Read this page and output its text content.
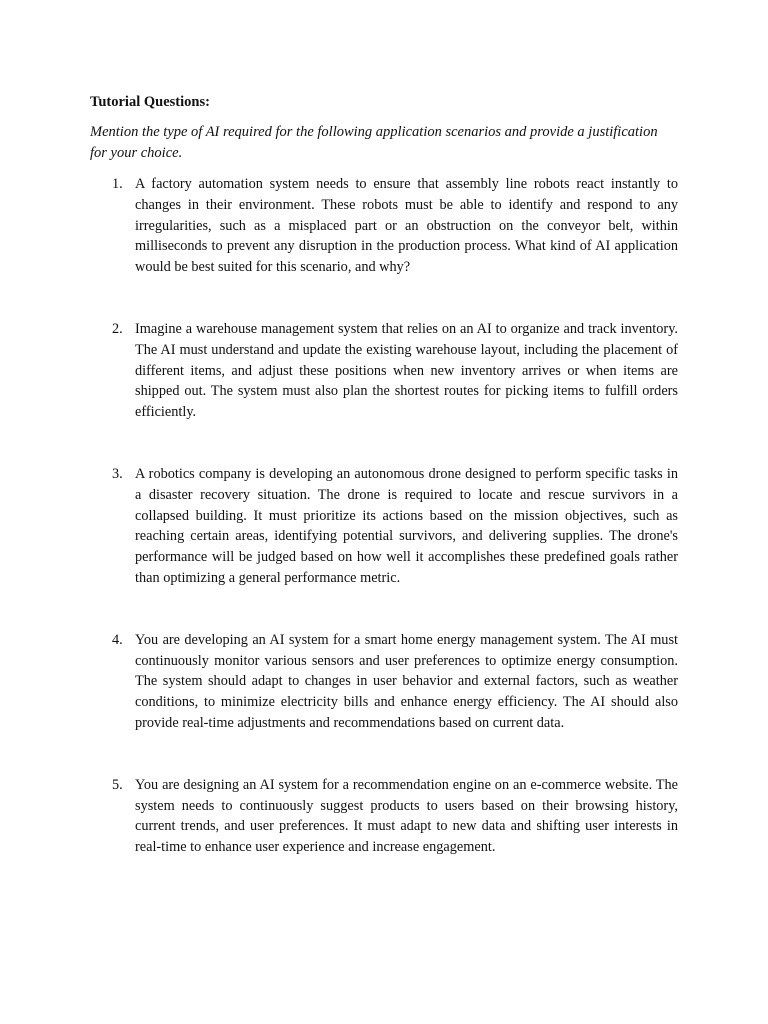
Tutorial Questions:

Mention the type of AI required for the following application scenarios and provide a justification for your choice.

1. A factory automation system needs to ensure that assembly line robots react instantly to changes in their environment. These robots must be able to identify and respond to any irregularities, such as a misplaced part or an obstruction on the conveyor belt, within milliseconds to prevent any disruption in the production process. What kind of AI application would be best suited for this scenario, and why?
2. Imagine a warehouse management system that relies on an AI to organize and track inventory. The AI must understand and update the existing warehouse layout, including the placement of different items, and adjust these positions when new inventory arrives or when items are shipped out. The system must also plan the shortest routes for picking items to fulfill orders efficiently.
3. A robotics company is developing an autonomous drone designed to perform specific tasks in a disaster recovery situation. The drone is required to locate and rescue survivors in a collapsed building. It must prioritize its actions based on the mission objectives, such as reaching certain areas, identifying potential survivors, and delivering supplies. The drone's performance will be judged based on how well it accomplishes these predefined goals rather than optimizing a general performance metric.
4. You are developing an AI system for a smart home energy management system. The AI must continuously monitor various sensors and user preferences to optimize energy consumption. The system should adapt to changes in user behavior and external factors, such as weather conditions, to minimize electricity bills and enhance energy efficiency. The AI should also provide real-time adjustments and recommendations based on current data.
5. You are designing an AI system for a recommendation engine on an e-commerce website. The system needs to continuously suggest products to users based on their browsing history, current trends, and user preferences. It must adapt to new data and shifting user interests in real-time to enhance user experience and increase engagement.
